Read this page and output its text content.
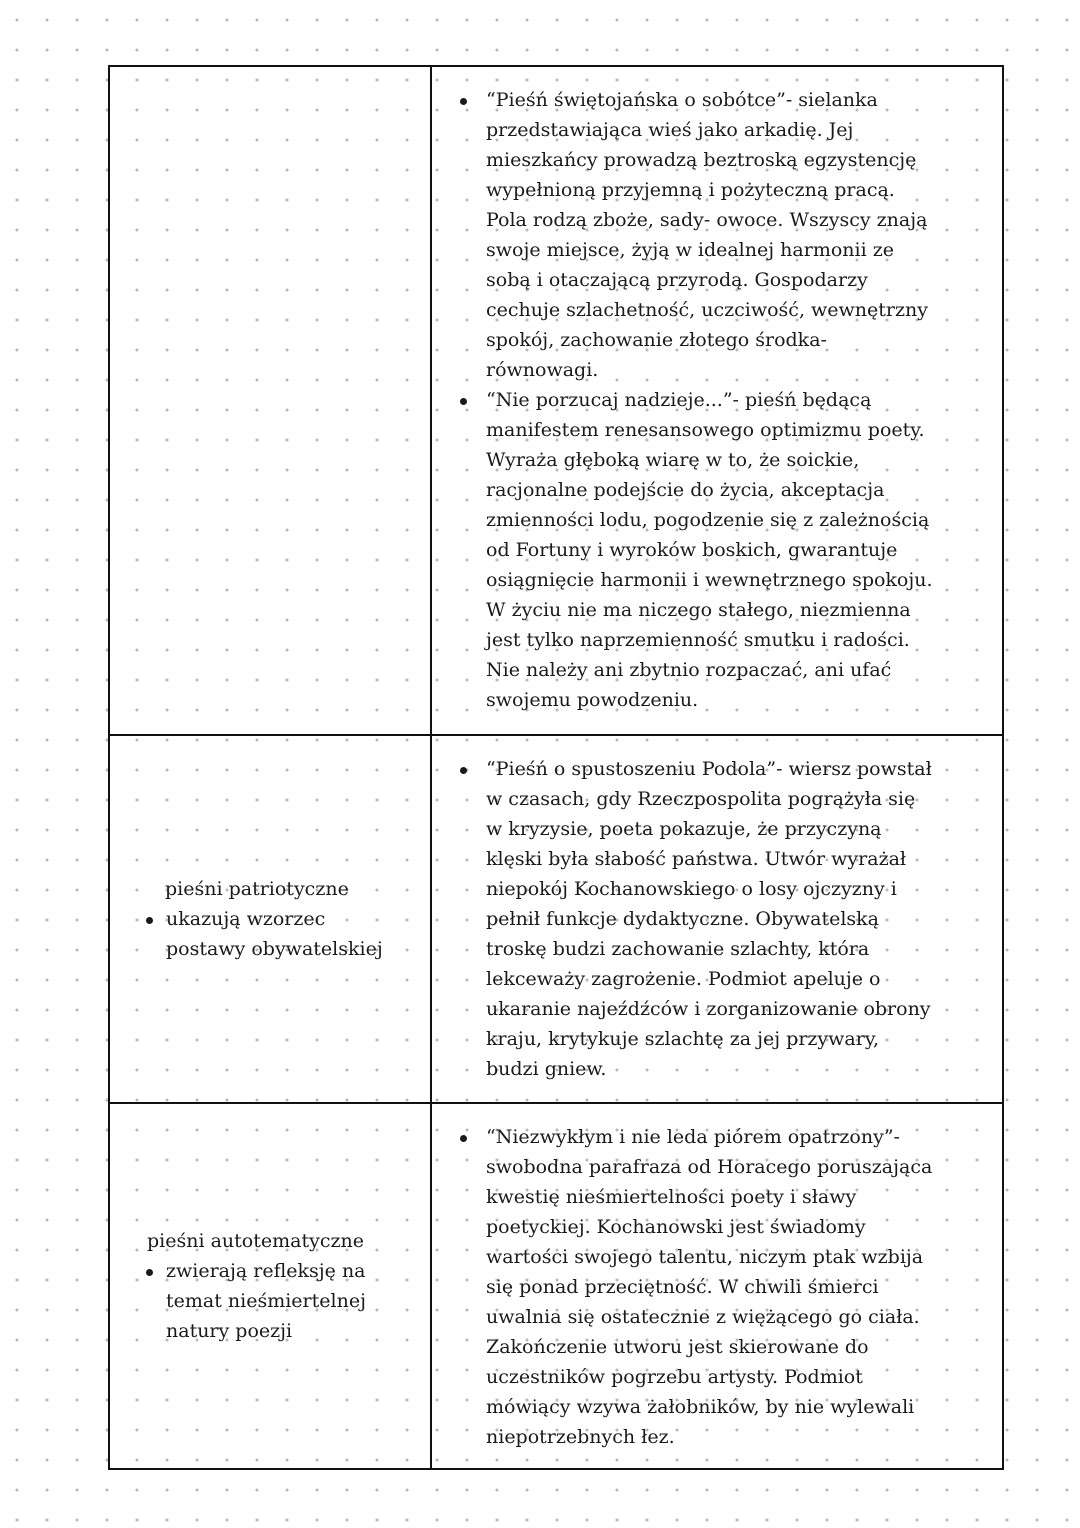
“Pieśń świętojańska o sobótce”- sielanka
przedstawiająca wieś jako arkadię. Jej
mieszkańcy prowadzą beztroską egzystencję
wypełnioną przyjemną i pożyteczną pracą.
Pola rodzą zboże, sady- owoce. Wszyscy znają
swoje miejsce, żyją w idealnej harmonii ze
sobą i otaczającą przyrodą. Gospodarzy
cechuje szlachetność, uczciwość, wewnętrzny
spokój, zachowanie złotego środka-
równowagi.
“Nie porzucaj nadzieje...”- pieśń będącą
manifestem renesansowego optimizmu poety.
Wyraża głęboką wiarę w to, że soickie,
racjonalne podejście do życia, akceptacja
zmienności lodu, pogodzenie się z zależnością
od Fortuny i wyroków boskich, gwarantuje
osiągnięcie harmonii i wewnętrznego spokoju.
W życiu nie ma niczego stałego, niezmienna
jest tylko naprzemienność smutku i radości.
Nie należy ani zbytnio rozpaczać, ani ufać
swojemu powodzeniu.
pieśni patriotyczne
ukazują wzorzec
postawy obywatelskiej
“Pieśń o spustoszeniu Podola”- wiersz powstał
w czasach, gdy Rzeczpospolita pogrążyła się
w kryzysie, poeta pokazuje, że przyczyną
klęski była słabość państwa. Utwór wyrażał
niepokój Kochanowskiego o losy ojczyzny i
pełnił funkcje dydaktyczne. Obywatelską
troskę budzi zachowanie szlachty, która
lekceważy zagrożenie. Podmiot apeluje o
ukaranie najeźdźców i zorganizowanie obrony
kraju, krytykuje szlachtę za jej przywary,
budzi gniew.
pieśni autotematyczne
zwierają refleksję na
temat nieśmiertelnej
natury poezji
“Niezwykłym i nie leda piórem opatrzony”-
swobodna parafraza od Horacego poruszająca
kwestię nieśmiertelności poety i sławy
poetyckiej. Kochanowski jest świadomy
wartości swojego talentu, niczym ptak wzbija
się ponad przeciętność. W chwili śmierci
uwalnia się ostatecznie z więżącego go ciała.
Zakończenie utworu jest skierowane do
uczestników pogrzebu artysty. Podmiot
mówiący wzywa żałobników, by nie wylewali
niepotrzebnych łez.
